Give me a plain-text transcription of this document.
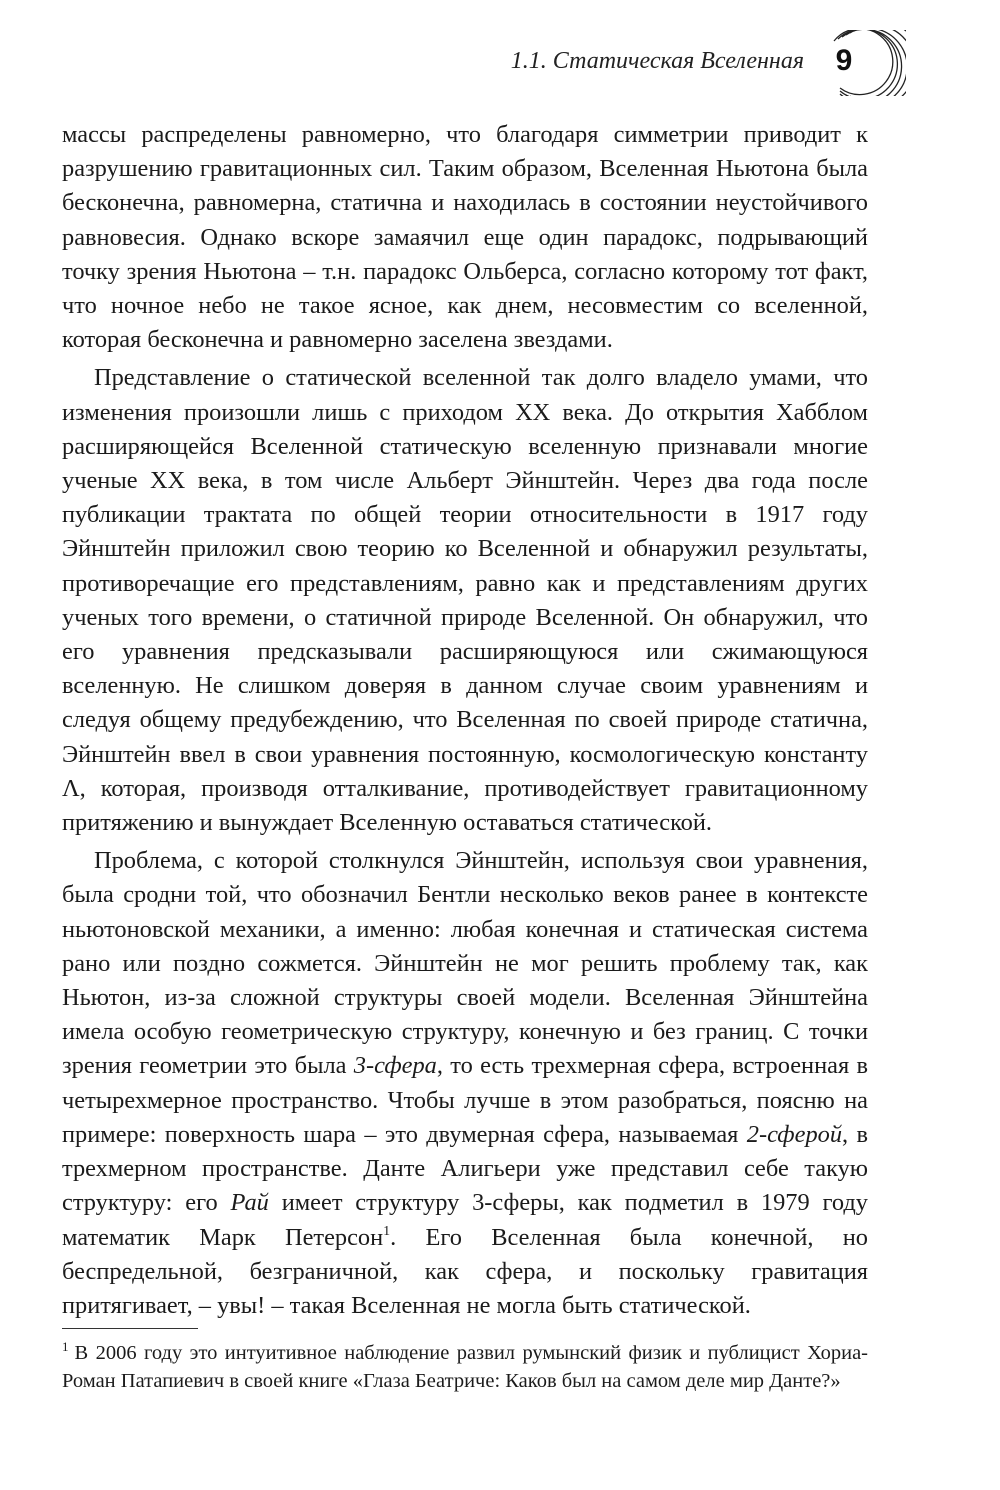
1.1. Статическая Вселенная 9

массы распределены равномерно, что благодаря симметрии приводит к разрушению гравитационных сил. Таким образом, Вселенная Ньютона была бесконечна, равномерна, статична и находилась в состоянии неустойчивого равновесия. Однако вскоре замаячил еще один парадокс, подрывающий точку зрения Ньютона – т.н. парадокс Ольберса, согласно которому тот факт, что ночное небо не такое ясное, как днем, несовместим со вселенной, которая бесконечна и равномерно заселена звездами.

Представление о статической вселенной так долго владело умами, что изменения произошли лишь с приходом XX века. До открытия Хабблом расширяющейся Вселенной статическую вселенную признавали многие ученые XX века, в том числе Альберт Эйнштейн. Через два года после публикации трактата по общей теории относительности в 1917 году Эйнштейн приложил свою теорию ко Вселенной и обнаружил результаты, противоречащие его представлениям, равно как и представлениям других ученых того времени, о статичной природе Вселенной. Он обнаружил, что его уравнения предсказывали расширяющуюся или сжимающуюся вселенную. Не слишком доверяя в данном случае своим уравнениям и следуя общему предубеждению, что Вселенная по своей природе статична, Эйнштейн ввел в свои уравнения постоянную, космологическую константу Λ, которая, производя отталкивание, противодействует гравитационному притяжению и вынуждает Вселенную оставаться статической.

Проблема, с которой столкнулся Эйнштейн, используя свои уравнения, была сродни той, что обозначил Бентли несколько веков ранее в контексте ньютоновской механики, а именно: любая конечная и статическая система рано или поздно сожмется. Эйнштейн не мог решить проблему так, как Ньютон, из-за сложной структуры своей модели. Вселенная Эйнштейна имела особую геометрическую структуру, конечную и без границ. С точки зрения геометрии это была 3-сфера, то есть трехмерная сфера, встроенная в четырехмерное пространство. Чтобы лучше в этом разобраться, поясню на примере: поверхность шара – это двумерная сфера, называемая 2-сферой, в трехмерном пространстве. Данте Алигьери уже представил себе такую структуру: его Рай имеет структуру 3-сферы, как подметил в 1979 году математик Марк Петерсон$^1$. Его Вселенная была конечной, но беспредельной, безграничной, как сфера, и поскольку гравитация притягивает, – увы! – такая Вселенная не могла быть статической.

$^1$ В 2006 году это интуитивное наблюдение развил румынский физик и публицист Хориа-Роман Патапиевич в своей книге «Глаза Беатриче: Каков был на самом деле мир Данте?»
